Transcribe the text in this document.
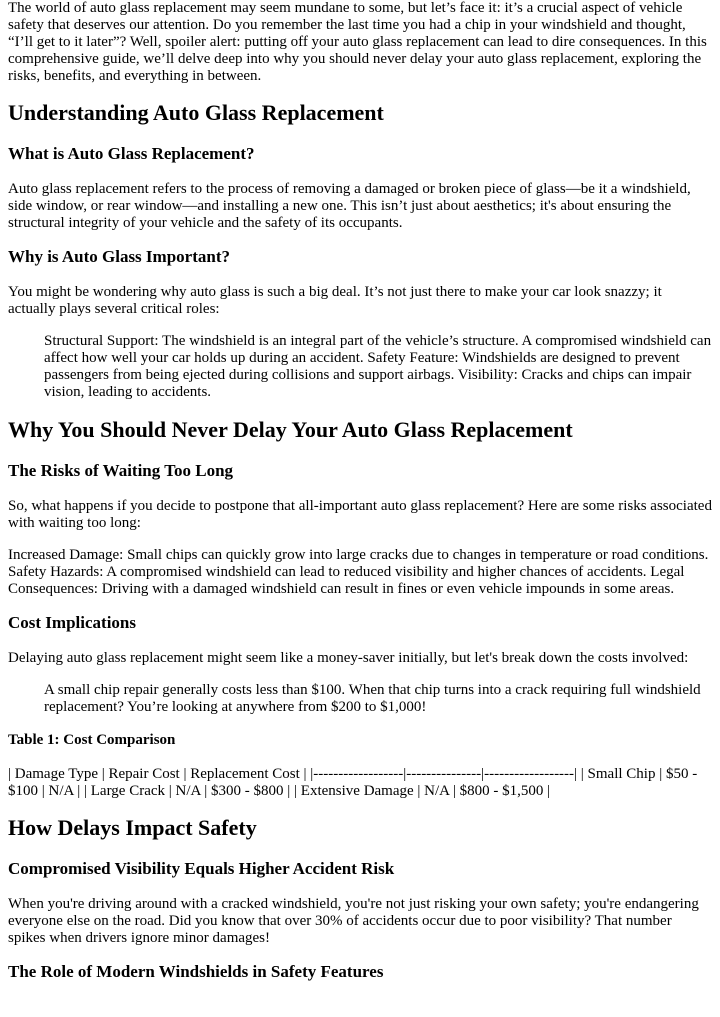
The world of auto glass replacement may seem mundane to some, but let’s face it: it’s a crucial aspect of vehicle safety that deserves our attention. Do you remember the last time you had a chip in your windshield and thought, “I’ll get to it later”? Well, spoiler alert: putting off your auto glass replacement can lead to dire consequences. In this comprehensive guide, we’ll delve deep into why you should never delay your auto glass replacement, exploring the risks, benefits, and everything in between.

Understanding Auto Glass Replacement
What is Auto Glass Replacement?

Auto glass replacement refers to the process of removing a damaged or broken piece of glass—be it a windshield, side window, or rear window—and installing a new one. This isn’t just about aesthetics; it's about ensuring the structural integrity of your vehicle and the safety of its occupants.

Why is Auto Glass Important?

You might be wondering why auto glass is such a big deal. It’s not just there to make your car look snazzy; it actually plays several critical roles:

Structural Support: The windshield is an integral part of the vehicle’s structure. A compromised windshield can affect how well your car holds up during an accident. Safety Feature: Windshields are designed to prevent passengers from being ejected during collisions and support airbags. Visibility: Cracks and chips can impair vision, leading to accidents.
Why You Should Never Delay Your Auto Glass Replacement
The Risks of Waiting Too Long

So, what happens if you decide to postpone that all-important auto glass replacement? Here are some risks associated with waiting too long:

Increased Damage: Small chips can quickly grow into large cracks due to changes in temperature or road conditions. Safety Hazards: A compromised windshield can lead to reduced visibility and higher chances of accidents. Legal Consequences: Driving with a damaged windshield can result in fines or even vehicle impounds in some areas.

Cost Implications

Delaying auto glass replacement might seem like a money-saver initially, but let's break down the costs involved:

A small chip repair generally costs less than $100. When that chip turns into a crack requiring full windshield replacement? You’re looking at anywhere from $200 to $1,000!
Table 1: Cost Comparison

| Damage Type | Repair Cost | Replacement Cost | |------------------|---------------|------------------| | Small Chip | $50 - $100 | N/A | | Large Crack | N/A | $300 - $800 | | Extensive Damage | N/A | $800 - $1,500 |

How Delays Impact Safety
Compromised Visibility Equals Higher Accident Risk

When you're driving around with a cracked windshield, you're not just risking your own safety; you're endangering everyone else on the road. Did you know that over 30% of accidents occur due to poor visibility? That number spikes when drivers ignore minor damages!

The Role of Modern Windshields in Safety Features
